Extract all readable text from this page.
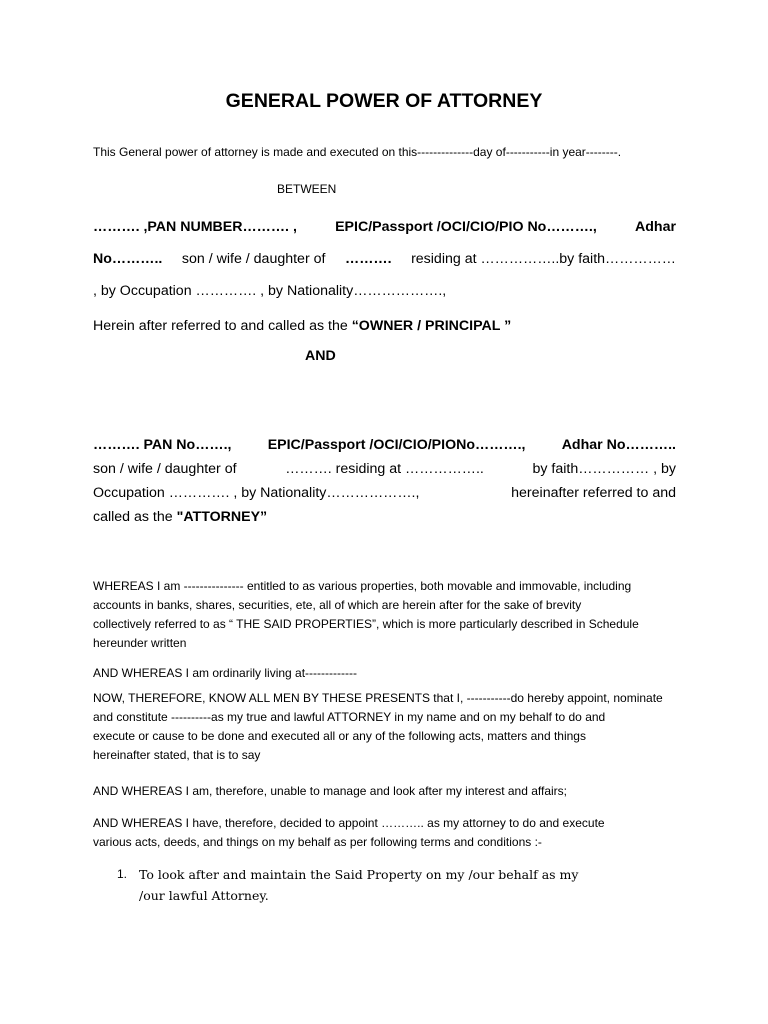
GENERAL POWER OF ATTORNEY
This General power of attorney is made and executed on this--------------day of-----------in year--------.
BETWEEN
………. ,PAN NUMBER………. ,	EPIC/Passport /OCI/CIO/PIO No……….,	Adhar
No……….. son / wife / daughter of ………. residing at ……………..by faith……………
, by Occupation …………. , by Nationality……………….,
Herein after referred to and called as the “OWNER / PRINCIPAL ”
AND
………. PAN No…….,	EPIC/Passport /OCI/CIO/PIONo……….,	Adhar No………..
son / wife / daughter of	………. residing at ……………..	by faith…………… , by
Occupation …………. , by Nationality……………….,	hereinafter referred to and
called as the "ATTORNEY”
WHEREAS I am --------------- entitled to as various properties, both movable and immovable, including
accounts in banks, shares, securities, ete, all of which are herein after for the sake of brevity
collectively referred to as “ THE SAID PROPERTIES”, which is more particularly described in Schedule
hereunder written
AND WHEREAS I am ordinarily living at-------------
NOW, THEREFORE, KNOW ALL MEN BY THESE PRESENTS that I, -----------do hereby appoint, nominate
and constitute ----------as my true and lawful ATTORNEY in my name and on my behalf to do and
execute or cause to be done and executed all or any of the following acts, matters and things
hereinafter stated, that is to say
AND WHEREAS I am, therefore, unable to manage and look after my interest and affairs;
AND WHEREAS I have, therefore, decided to appoint ……….. as my attorney to do and execute
various acts, deeds, and things on my behalf as per following terms and conditions :-
1. To look after and maintain the Said Property on my /our behalf as my
/our lawful Attorney.
